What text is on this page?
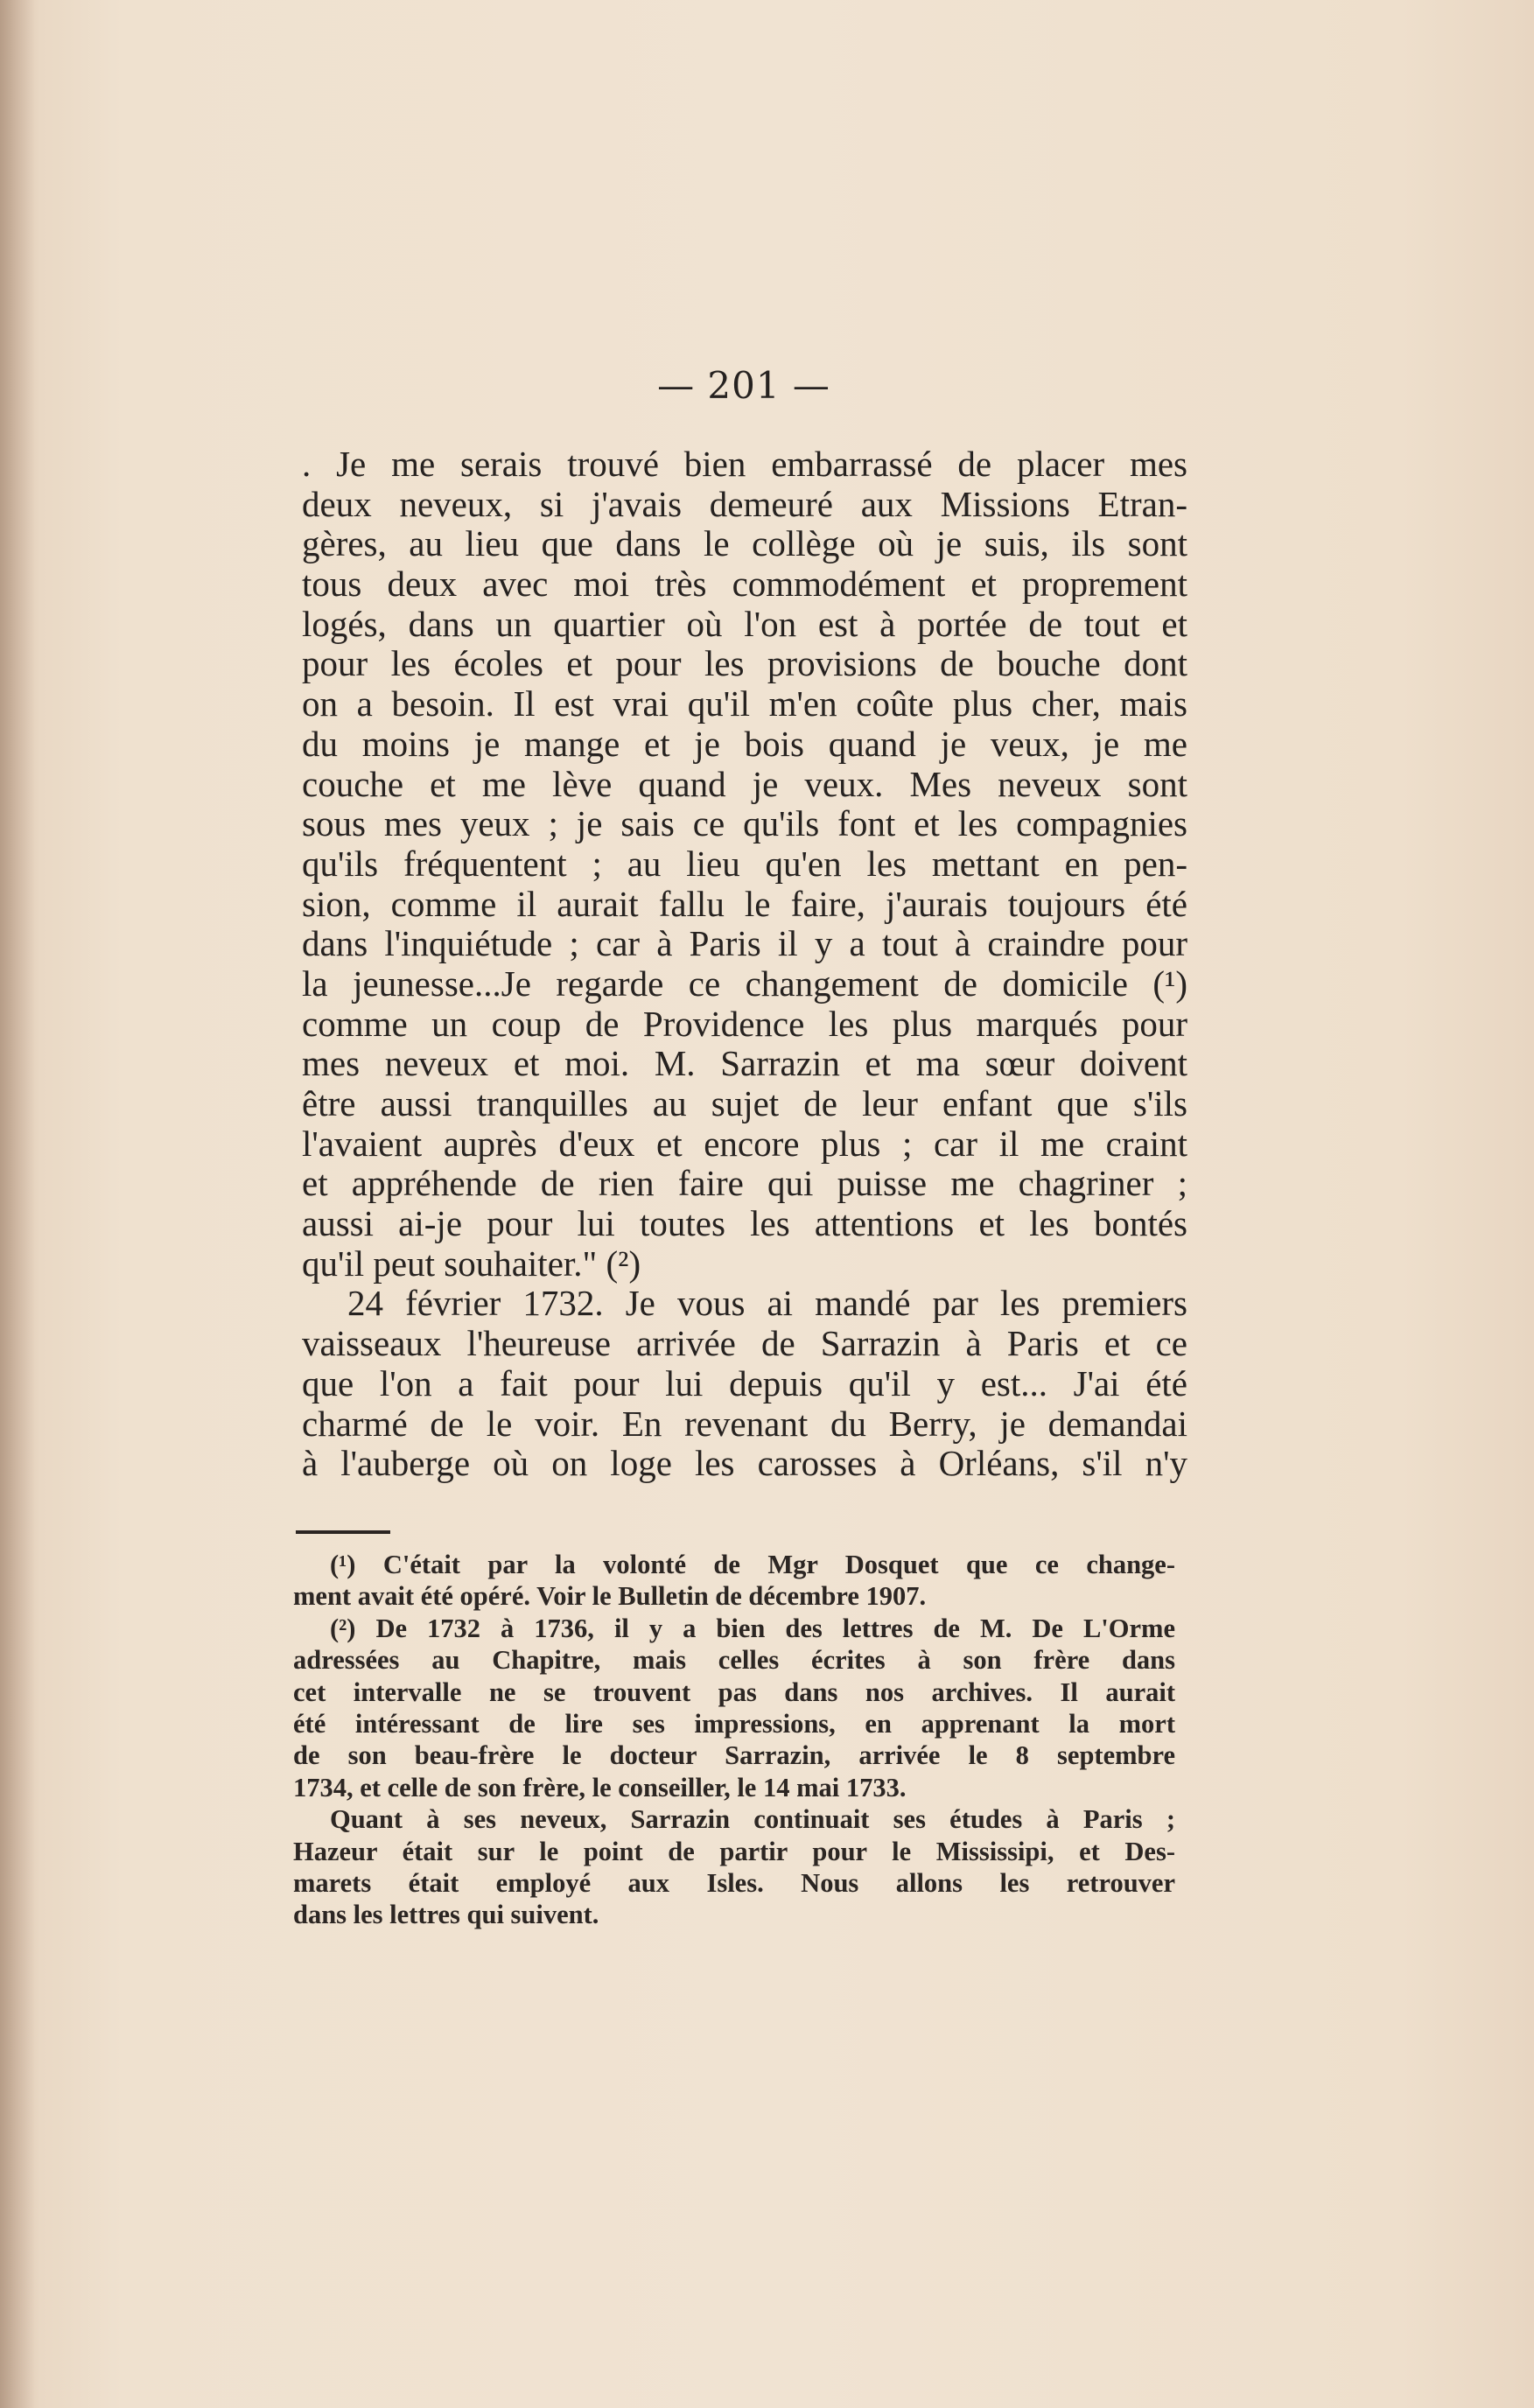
— 201 —
. Je me serais trouvé bien embarrassé de placer mes
deux neveux, si j'avais demeuré aux Missions Etran-
gères, au lieu que dans le collège où je suis, ils sont
tous deux avec moi très commodément et proprement
logés, dans un quartier où l'on est à portée de tout et
pour les écoles et pour les provisions de bouche dont
on a besoin. Il est vrai qu'il m'en coûte plus cher, mais
du moins je mange et je bois quand je veux, je me
couche et me lève quand je veux. Mes neveux sont
sous mes yeux ; je sais ce qu'ils font et les compagnies
qu'ils fréquentent ; au lieu qu'en les mettant en pen-
sion, comme il aurait fallu le faire, j'aurais toujours été
dans l'inquiétude ; car à Paris il y a tout à craindre pour
la jeunesse...Je regarde ce changement de domicile (¹)
comme un coup de Providence les plus marqués pour
mes neveux et moi. M. Sarrazin et ma sœur doivent
être aussi tranquilles au sujet de leur enfant que s'ils
l'avaient auprès d'eux et encore plus ; car il me craint
et appréhende de rien faire qui puisse me chagriner ;
aussi ai-je pour lui toutes les attentions et les bontés
qu'il peut souhaiter." (²)
24 février 1732. Je vous ai mandé par les premiers
vaisseaux l'heureuse arrivée de Sarrazin à Paris et ce
que l'on a fait pour lui depuis qu'il y est... J'ai été
charmé de le voir. En revenant du Berry, je demandai
à l'auberge où on loge les carosses à Orléans, s'il n'y
(¹) C'était par la volonté de Mgr Dosquet que ce change-
ment avait été opéré. Voir le Bulletin de décembre 1907.
(²) De 1732 à 1736, il y a bien des lettres de M. De L'Orme
adressées au Chapitre, mais celles écrites à son frère dans
cet intervalle ne se trouvent pas dans nos archives. Il aurait
été intéressant de lire ses impressions, en apprenant la mort
de son beau-frère le docteur Sarrazin, arrivée le 8 septembre
1734, et celle de son frère, le conseiller, le 14 mai 1733.
Quant à ses neveux, Sarrazin continuait ses études à Paris ;
Hazeur était sur le point de partir pour le Mississipi, et Des-
marets était employé aux Isles. Nous allons les retrouver
dans les lettres qui suivent.
